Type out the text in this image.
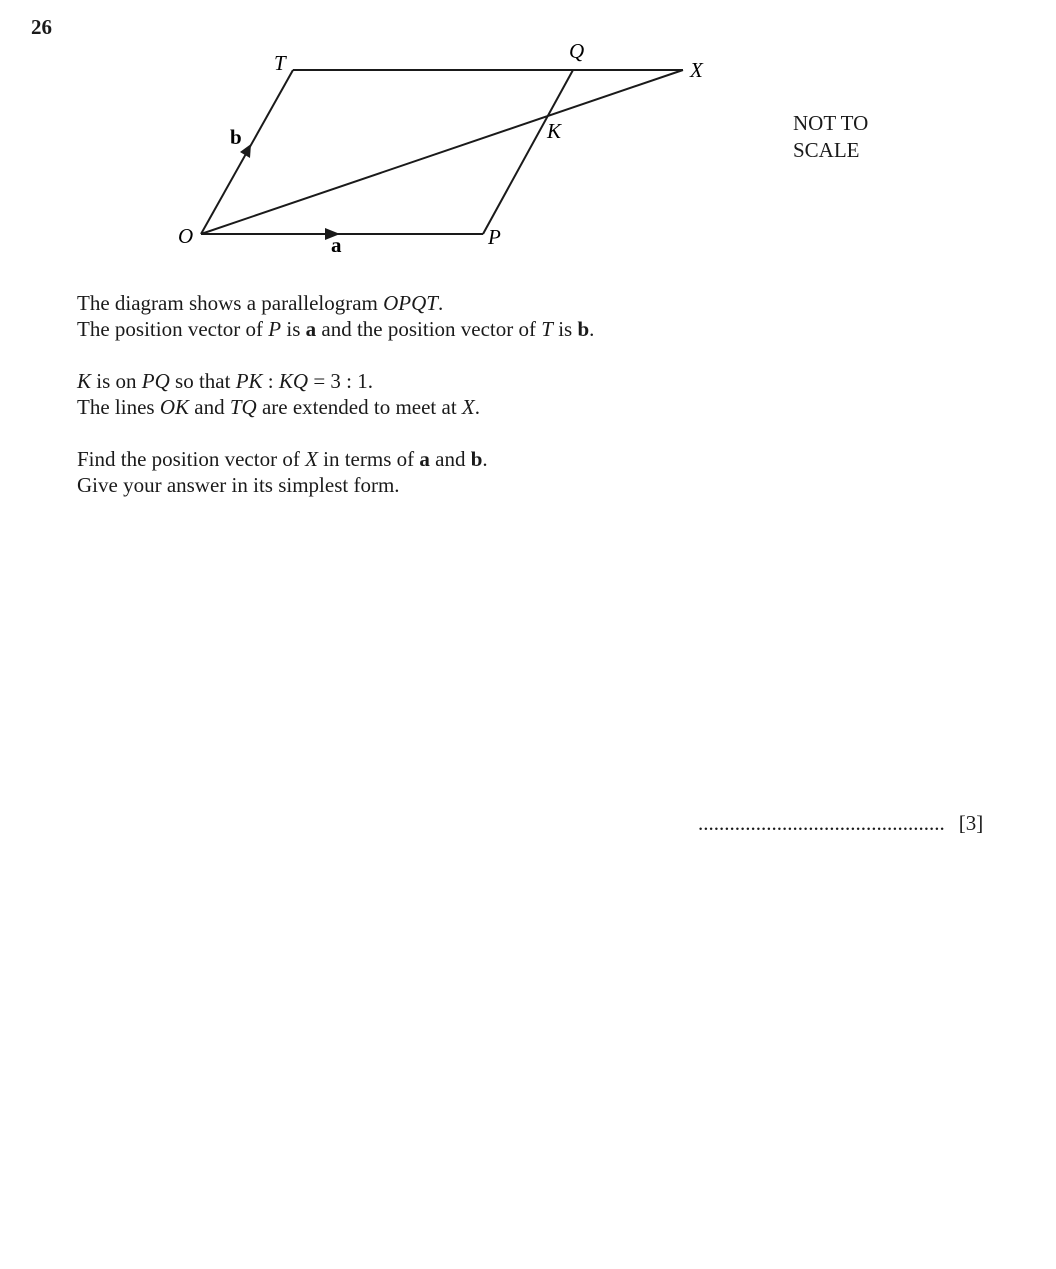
26
O	P
T	Q
X
K
a
b
NOT TO
SCALE

The diagram shows a parallelogram OPQT.

The position vector of P is a and the position vector of T is b.

K is on PQ so that PK : KQ = 3 : 1.

The lines OK and TQ are extended to meet at X.

Find the position vector of X in terms of a and b.

Give your answer in its simplest form.

............................................... [3]
